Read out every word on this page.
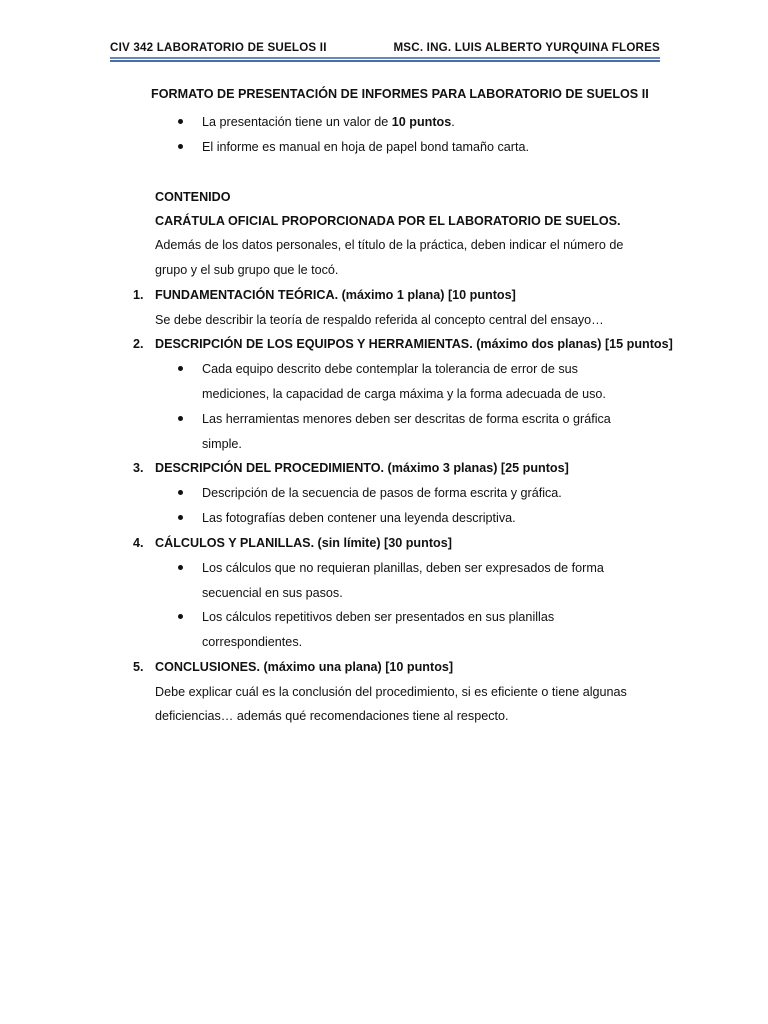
CIV 342 LABORATORIO DE SUELOS II	MSC. ING. LUIS ALBERTO YURQUINA FLORES
FORMATO DE PRESENTACIÓN DE INFORMES PARA LABORATORIO DE SUELOS II
La presentación tiene un valor de 10 puntos.
El informe es manual en hoja de papel bond tamaño carta.
CONTENIDO
CARÁTULA OFICIAL PROPORCIONADA POR EL LABORATORIO DE SUELOS.
Además de los datos personales, el título de la práctica, deben indicar el número de
grupo y el sub grupo que le tocó.
1. FUNDAMENTACIÓN TEÓRICA. (máximo 1 plana) [10 puntos]
Se debe describir la teoría de respaldo referida al concepto central del ensayo…
2. DESCRIPCIÓN DE LOS EQUIPOS Y HERRAMIENTAS. (máximo dos planas) [15 puntos]
Cada equipo descrito debe contemplar la tolerancia de error de sus
mediciones, la capacidad de carga máxima y la forma adecuada de uso.
Las herramientas menores deben ser descritas de forma escrita o gráfica
simple.
3. DESCRIPCIÓN DEL PROCEDIMIENTO. (máximo 3 planas) [25 puntos]
Descripción de la secuencia de pasos de forma escrita y gráfica.
Las fotografías deben contener una leyenda descriptiva.
4. CÁLCULOS Y PLANILLAS. (sin límite) [30 puntos]
Los cálculos que no requieran planillas, deben ser expresados de forma
secuencial en sus pasos.
Los cálculos repetitivos deben ser presentados en sus planillas
correspondientes.
5. CONCLUSIONES. (máximo una plana) [10 puntos]
Debe explicar cuál es la conclusión del procedimiento, si es eficiente o tiene algunas
deficiencias… además qué recomendaciones tiene al respecto.
